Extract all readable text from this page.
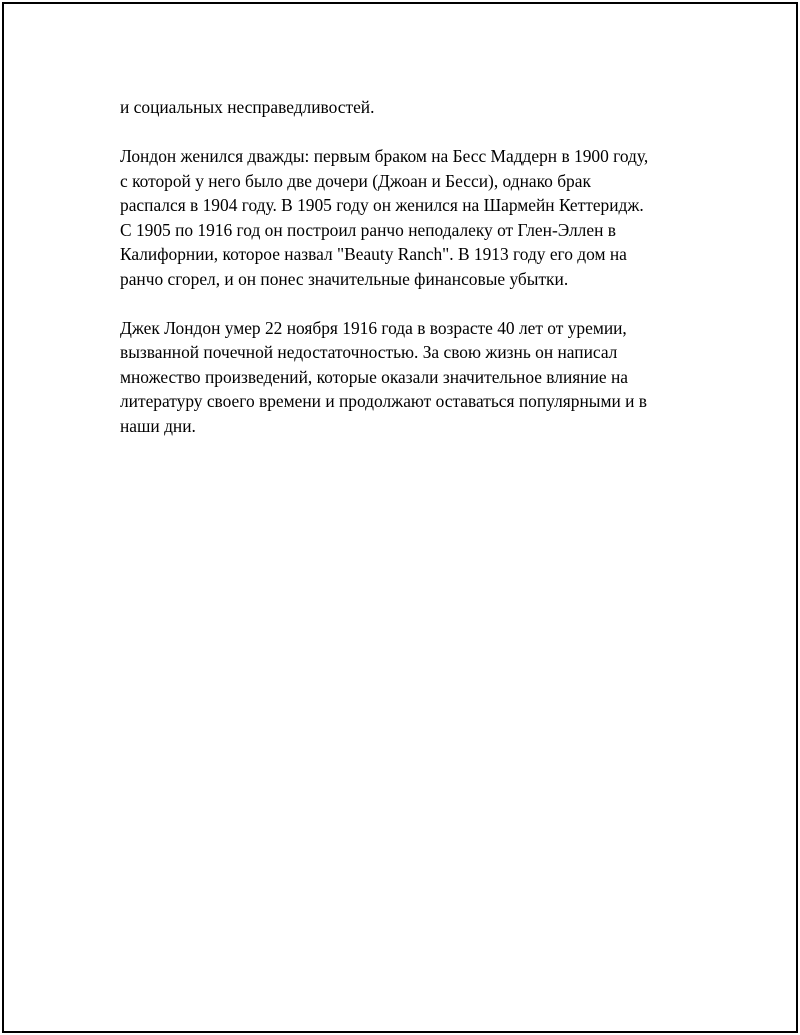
и социальных несправедливостей.

Лондон женился дважды: первым браком на Бесс Маддерн в 1900 году,
с которой у него было две дочери (Джоан и Бесси), однако брак
распался в 1904 году. В 1905 году он женился на Шармейн Кеттеридж.
С 1905 по 1916 год он построил ранчо неподалеку от Глен-Эллен в
Калифорнии, которое назвал "Beauty Ranch". В 1913 году его дом на
ранчо сгорел, и он понес значительные финансовые убытки.

Джек Лондон умер 22 ноября 1916 года в возрасте 40 лет от уремии,
вызванной почечной недостаточностью. За свою жизнь он написал
множество произведений, которые оказали значительное влияние на
литературу своего времени и продолжают оставаться популярными и в
наши дни.
